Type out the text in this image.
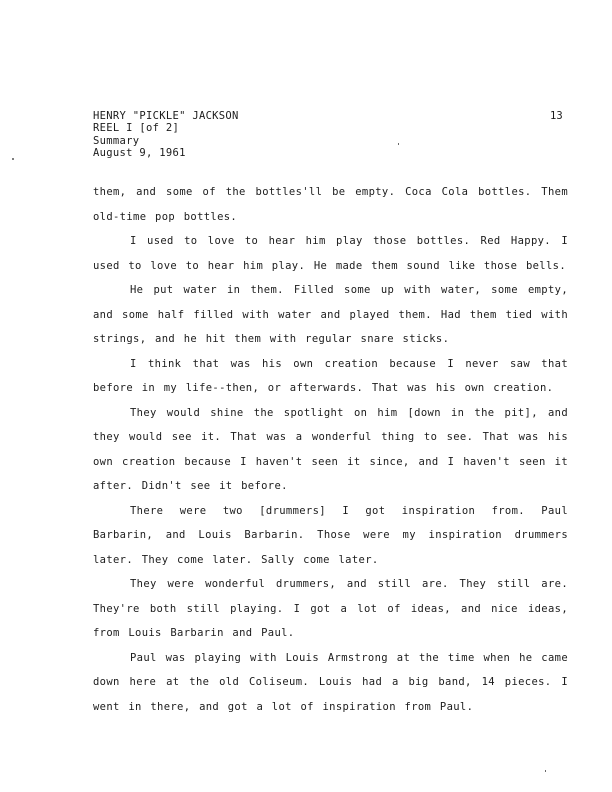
HENRY "PICKLE" JACKSON
REEL I [of 2]
Summary
August 9, 1961
13

them, and some of the bottles'll be empty. Coca Cola bottles. Them old-time pop bottles.

I used to love to hear him play those bottles. Red Happy. I used to love to hear him play. He made them sound like those bells.

He put water in them. Filled some up with water, some empty, and some half filled with water and played them. Had them tied with strings, and he hit them with regular snare sticks.

I think that was his own creation because I never saw that before in my life--then, or afterwards. That was his own creation.

They would shine the spotlight on him [down in the pit], and they would see it. That was a wonderful thing to see. That was his own creation because I haven't seen it since, and I haven't seen it after. Didn't see it before.

There were two [drummers] I got inspiration from. Paul Barbarin, and Louis Barbarin. Those were my inspiration drummers later. They come later. Sally come later.

They were wonderful drummers, and still are. They still are. They're both still playing. I got a lot of ideas, and nice ideas, from Louis Barbarin and Paul.

Paul was playing with Louis Armstrong at the time when he came down here at the old Coliseum. Louis had a big band, 14 pieces. I went in there, and got a lot of inspiration from Paul.
